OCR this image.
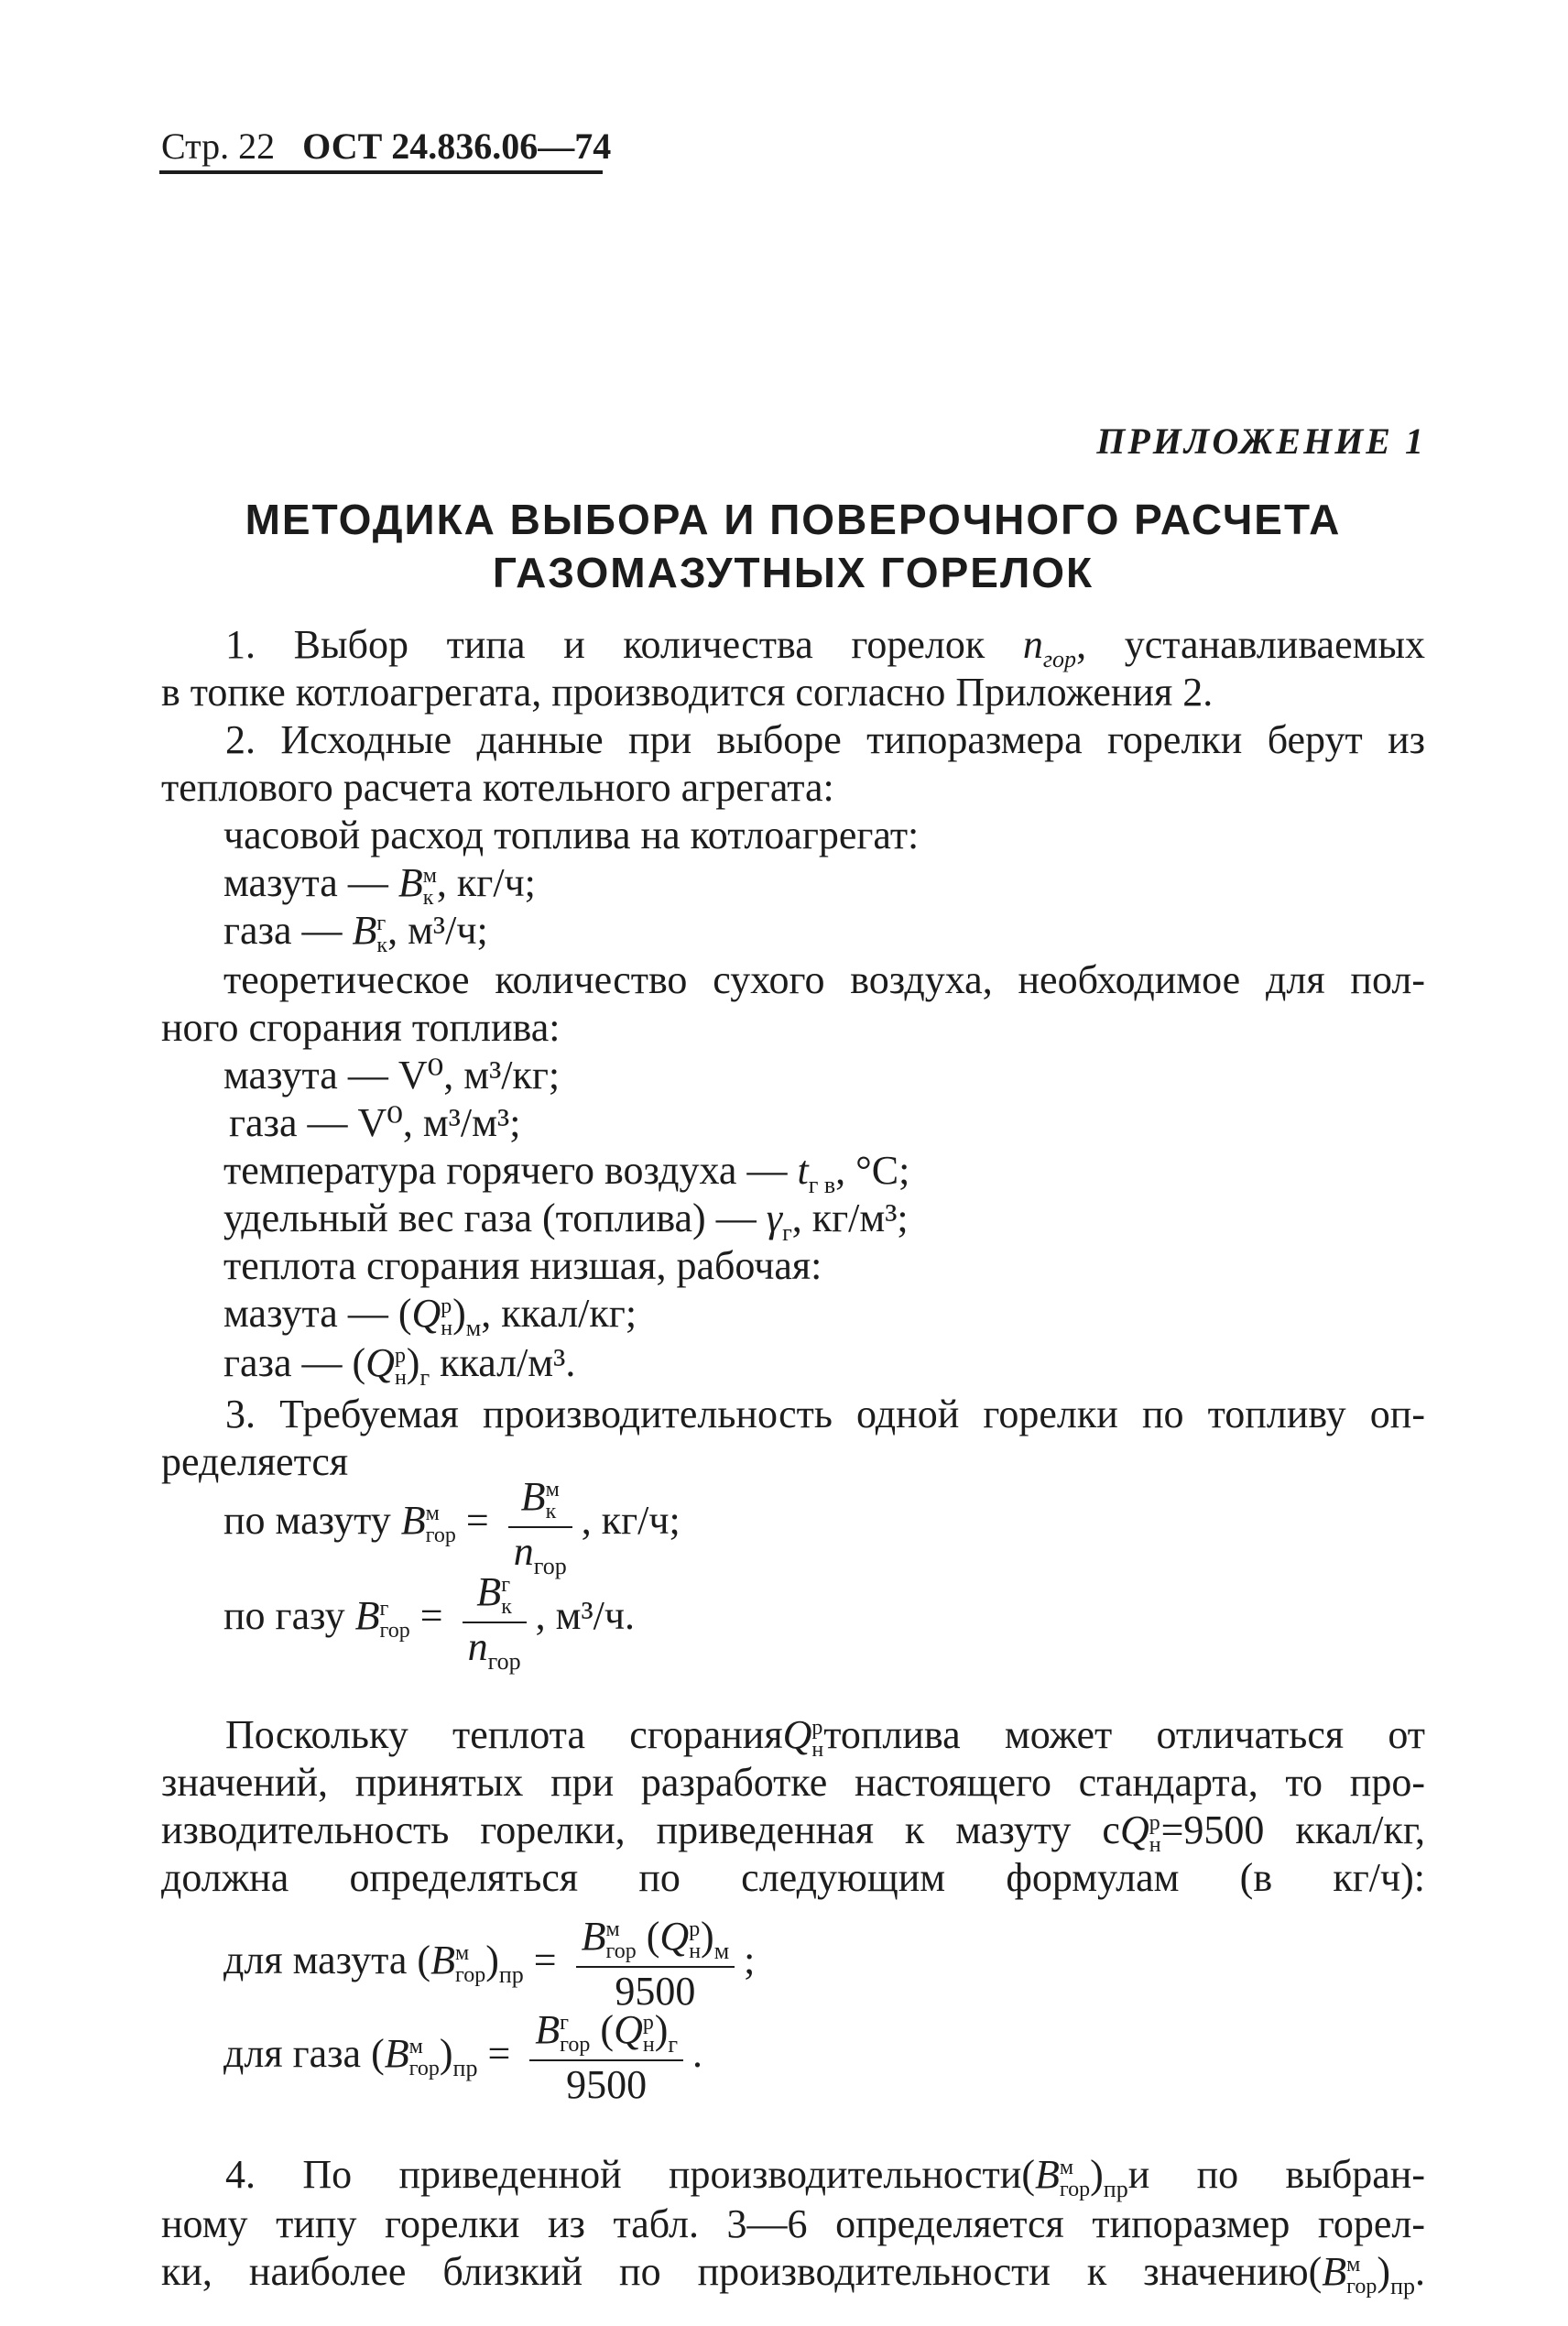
Стр. 22 ОСТ 24.836.06—74
ПРИЛОЖЕНИЕ 1
МЕТОДИКА ВЫБОРА И ПОВЕРОЧНОГО РАСЧЕТА
ГАЗОМАЗУТНЫХ ГОРЕЛОК
1. Выбор типа и количества горелок $n_{гор}$, устанавливаемых
в топке котлоагрегата, производится согласно Приложения 2.
2. Исходные данные при выборе типоразмера горелки берут из
теплового расчета котельного агрегата:
часовой расход топлива на котлоагрегат:
мазута — B м
к , кг/ч;
газа — B г
к , м³/ч;
теоретическое количество сухого воздуха, необходимое для пол-
ного сгорания топлива:
мазута — V⁰, м³/кг;
газа — V⁰, м³/м³;
температура горячего воздуха — $t_{г в}$, °С;
удельный вес газа (топлива) — $\gamma_г$, кг/м³;
теплота сгорания низшая, рабочая:
мазута — (Q р
н )$_м$, ккал/кг;
газа — (Q р
н )$_г$ ккал/м³.
3. Требуемая производительность одной горелки по топливу оп-
ределяется
по мазуту B м
гор = B м
к
$n_{гор}$ , кг/ч;
по газу B г
гор = B г
к
$n_{гор}$ , м³/ч.
Поскольку теплота сгоранияQ р
н топлива может отличаться от
значений, принятых при разработке настоящего стандарта, то про-
изводительность горелки, приведенная к мазуту сQ р
н =9500 ккал/кг,
должна определяться по следующим формулам (в кг/ч):
для мазута (B м
гор )$_{пр} = B$ м
гор (Q р
н )$_м$
9500 ;
для газа (B м
гор )$_{пр} = B$ г
гор (Q р
н )$_г$
9500 .
4. По приведенной производительности(B м
гор )$_{пр}и$ по выбран-
ному типу горелки из табл. 3—6 определяется типоразмер горел-
ки, наиболее близкий по производительности к значению(B м
гор )$_{пр}$.
